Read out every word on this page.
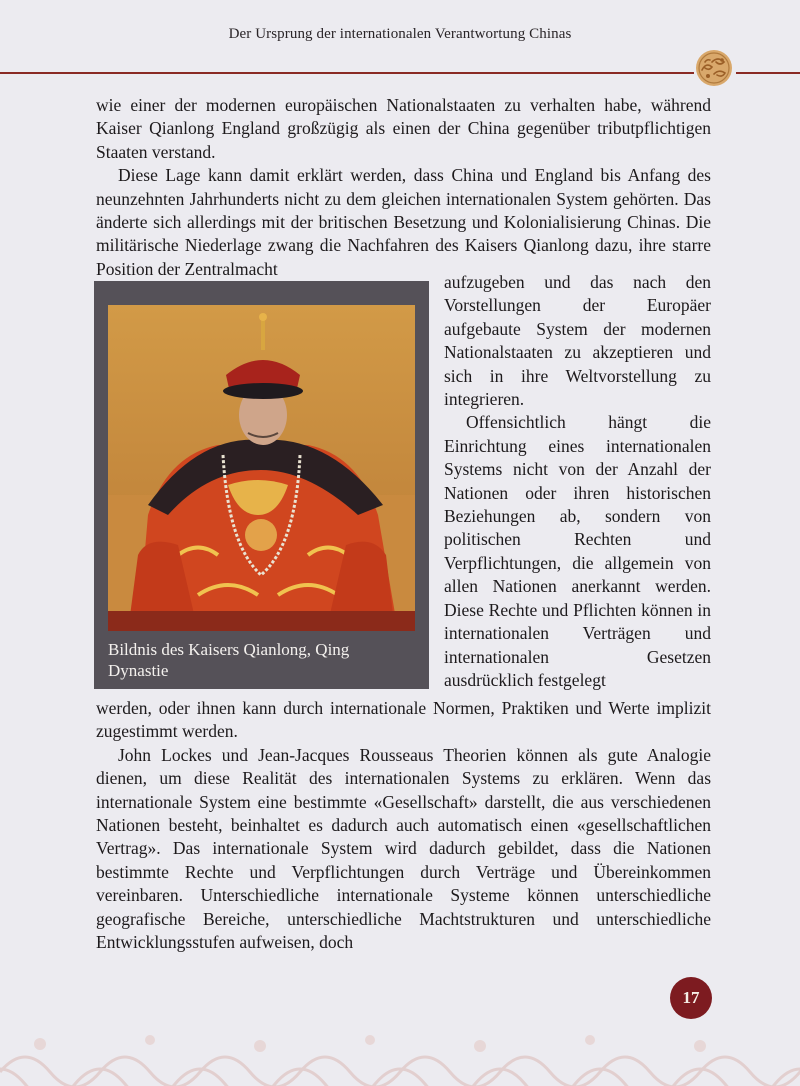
Der Ursprung der internationalen Verantwortung Chinas

wie einer der modernen europäischen Nationalstaaten zu verhalten habe, während Kaiser Qianlong England großzügig als einen der China gegenüber tributpflichtigen Staaten verstand.

Diese Lage kann damit erklärt werden, dass China und England bis Anfang des neunzehnten Jahrhunderts nicht zu dem gleichen internationalen System gehörten. Das änderte sich allerdings mit der britischen Besetzung und Kolonialisierung Chinas. Die militärische Niederlage zwang die Nachfahren des Kaisers Qianlong dazu, ihre starre Position der Zentralmacht

Bildnis des Kaisers Qianlong, Qing Dynastie

aufzugeben und das nach den Vorstellungen der Europäer aufgebaute System der modernen Nationalstaaten zu akzeptieren und sich in ihre Weltvorstellung zu integrieren.

Offensichtlich hängt die Einrichtung eines internationalen Systems nicht von der Anzahl der Nationen oder ihren historischen Beziehungen ab, sondern von politischen Rechten und Verpflichtungen, die allgemein von allen Nationen anerkannt werden. Diese Rechte und Pflichten können in internationalen Verträgen und internationalen Gesetzen ausdrücklich festgelegt

werden, oder ihnen kann durch internationale Normen, Praktiken und Werte implizit zugestimmt werden.

John Lockes und Jean-Jacques Rousseaus Theorien können als gute Analogie dienen, um diese Realität des internationalen Systems zu erklären. Wenn das internationale System eine bestimmte «Gesellschaft» darstellt, die aus verschiedenen Nationen besteht, beinhaltet es dadurch auch automatisch einen «gesellschaftlichen Vertrag». Das internationale System wird dadurch gebildet, dass die Nationen bestimmte Rechte und Verpflichtungen durch Verträge und Übereinkommen vereinbaren. Unterschiedliche internationale Systeme können unterschiedliche geografische Bereiche, unterschiedliche Machtstrukturen und unterschiedliche Entwicklungsstufen aufweisen, doch

17
